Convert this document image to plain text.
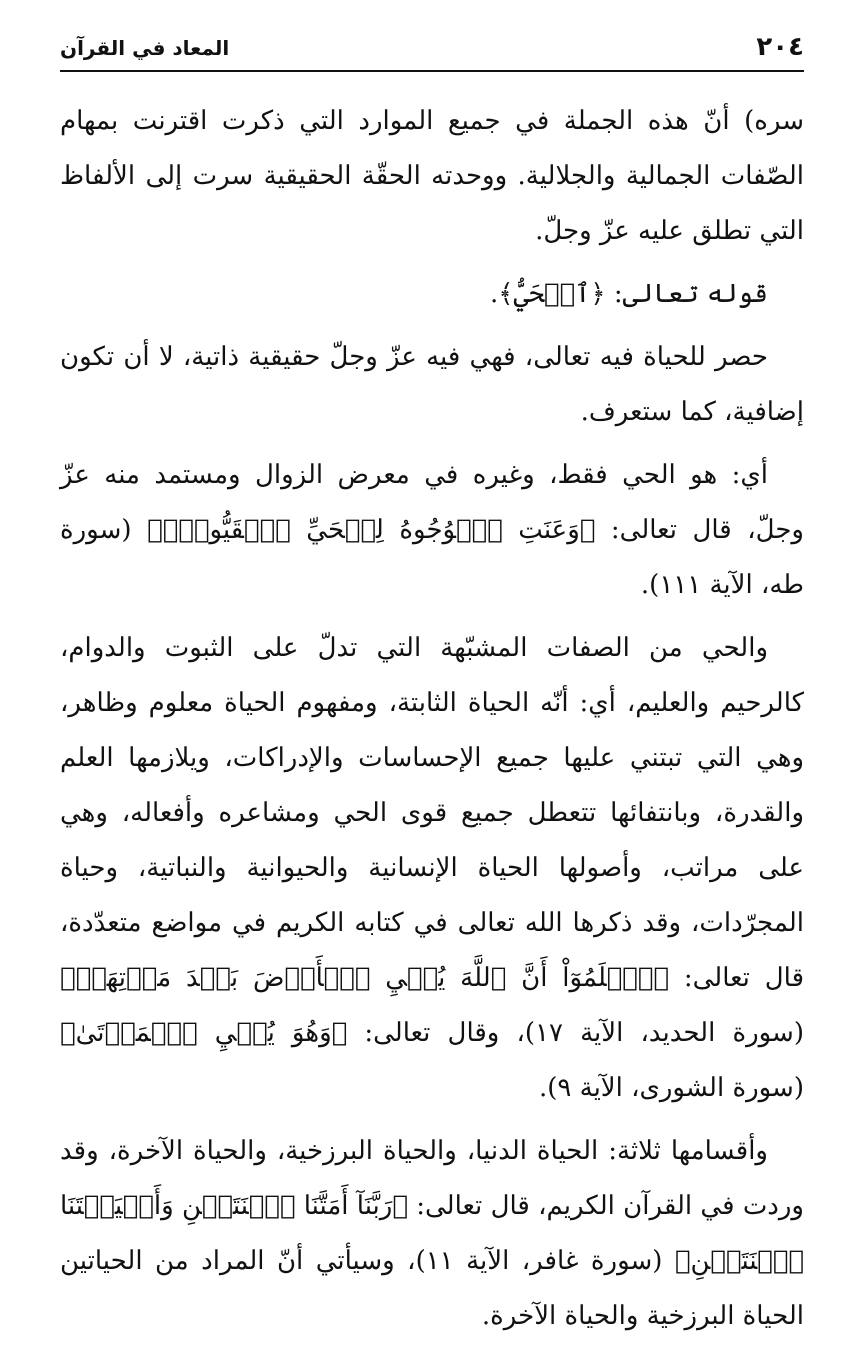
٢٠٤
المعاد في القرآن

سره) أنّ هذه الجملة في جميع الموارد التي ذكرت اقترنت بمهام الصّفات الجمالية والجلالية. ووحدته الحقّة الحقيقية سرت إلى الألفاظ التي تطلق عليه عزّ وجلّ.

قوله تعالى: ﴿ٱلۡحَيُّ﴾.

حصر للحياة فيه تعالى، فهي فيه عزّ وجلّ حقيقية ذاتية، لا أن تكون إضافية، كما ستعرف.

أي: هو الحي فقط، وغيره في معرض الزوال ومستمد منه عزّ وجلّ، قال تعالى: ﴿وَعَنَتِ ٱلۡوُجُوهُ لِلۡحَيِّ ٱلۡقَيُّومِۖ﴾ (سورة طه، الآية ١١١).

والحي من الصفات المشبّهة التي تدلّ على الثبوت والدوام، كالرحيم والعليم، أي: أنّه الحياة الثابتة، ومفهوم الحياة معلوم وظاهر، وهي التي تبتني عليها جميع الإحساسات والإدراكات، ويلازمها العلم والقدرة، وبانتفائها تتعطل جميع قوى الحي ومشاعره وأفعاله، وهي على مراتب، وأصولها الحياة الإنسانية والحيوانية والنباتية، وحياة المجرّدات، وقد ذكرها الله تعالى في كتابه الكريم في مواضع متعدّدة، قال تعالى: ﴿ٱعۡلَمُوٓاْ أَنَّ ٱللَّهَ يُحۡيِ ٱلۡأَرۡضَ بَعۡدَ مَوۡتِهَاۚ﴾ (سورة الحديد، الآية ١٧)، وقال تعالى: ﴿وَهُوَ يُحۡيِ ٱلۡمَوۡتَىٰ﴾ (سورة الشورى، الآية ٩).

وأقسامها ثلاثة: الحياة الدنيا، والحياة البرزخية، والحياة الآخرة، وقد وردت في القرآن الكريم، قال تعالى: ﴿رَبَّنَآ أَمَتَّنَا ٱثۡنَتَيۡنِ وَأَحۡيَيۡتَنَا ٱثۡنَتَيۡنِ﴾ (سورة غافر، الآية ١١)، وسيأتي أنّ المراد من الحياتين الحياة البرزخية والحياة الآخرة.
